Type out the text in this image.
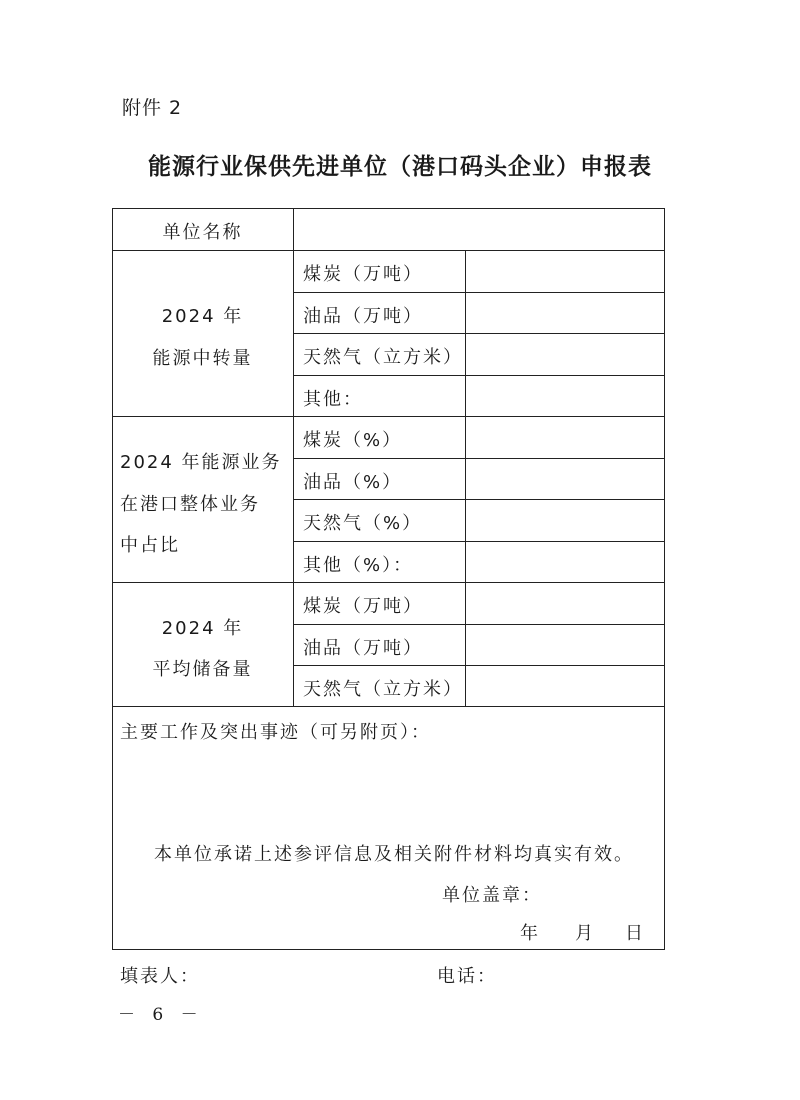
附件 2
能源行业保供先进单位（港口码头企业）申报表
单位名称
2024 年
能源中转量
煤炭（万吨）
油品（万吨）
天然气（立方米）
其他：
2024 年能源业务
在港口整体业务
中占比
煤炭（%）
油品（%）
天然气（%）
其他（%）：
2024 年
平均储备量
煤炭（万吨）
油品（万吨）
天然气（立方米）
主要工作及突出事迹（可另附页）：
本单位承诺上述参评信息及相关附件材料均真实有效。
单位盖章：
年 月 日
填表人：	电话：
－ 6 －
